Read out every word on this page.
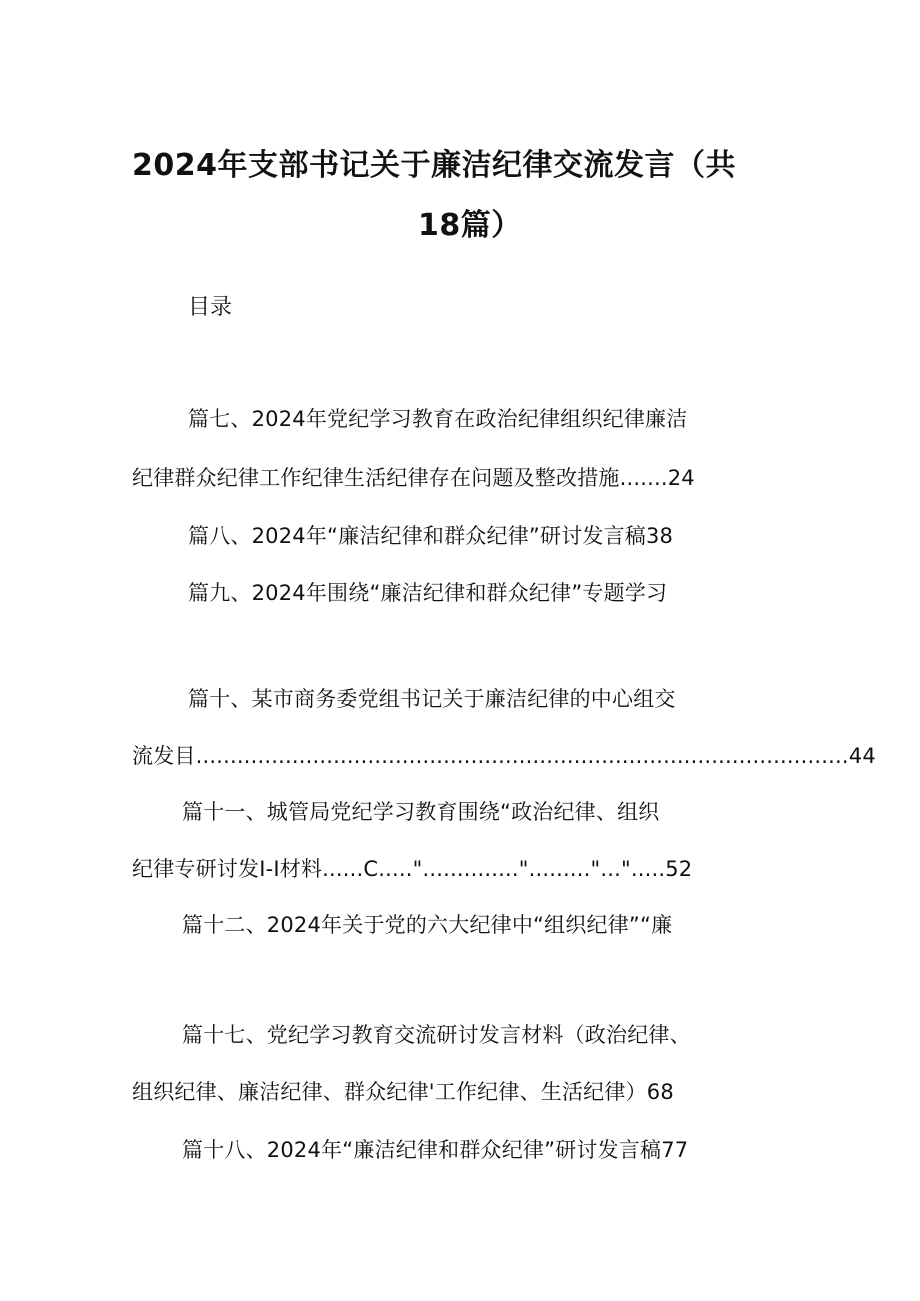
2024年支部书记关于廉洁纪律交流发言（共
18篇）
目录
篇七、2024年党纪学习教育在政治纪律组织纪律廉洁
纪律群众纪律工作纪律生活纪律存在问题及整改措施.......24
篇八、2024年“廉洁纪律和群众纪律”研讨发言稿38
篇九、2024年围绕“廉洁纪律和群众纪律”专题学习
篇十、某市商务委党组书记关于廉洁纪律的中心组交
流发目...............................................................................................44
篇十一、城管局党纪学习教育围绕“政治纪律、组织
纪律专研讨发I-I材料......C.....".............."........."...".....52
篇十二、2024年关于党的六大纪律中“组织纪律”“廉
篇十七、党纪学习教育交流研讨发言材料（政治纪律、
组织纪律、廉洁纪律、群众纪律'工作纪律、生活纪律）68
篇十八、2024年“廉洁纪律和群众纪律”研讨发言稿77
